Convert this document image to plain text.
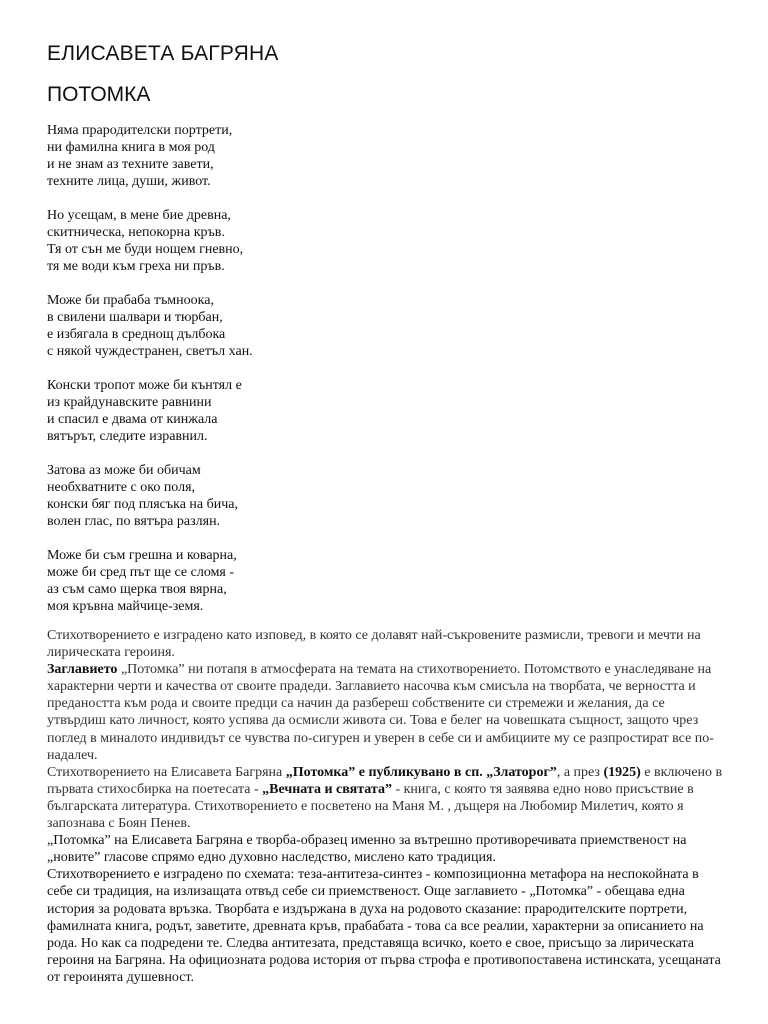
ЕЛИСАВЕТА БАГРЯНА
ПОТОМКА
Няма прародителски портрети,
ни фамилна книга в моя род
и не знам аз техните завети,
техните лица, души, живот.
Но усещам, в мене бие древна,
скитническа, непокорна кръв.
Тя от сън ме буди нощем гневно,
тя ме води към греха ни пръв.
Може би прабаба тъмноока,
в свилени шалвари и тюрбан,
е избягала в среднощ дълбока
с някой чуждестранен, светъл хан.
Конски тропот може би кънтял е
из крайдунавските равнини
и спасил е двама от кинжала
вятърът, следите изравнил.
Затова аз може би обичам
необхватните с око поля,
конски бяг под плясъка на бича,
волен глас, по вятъра разлян.
Може би съм грешна и коварна,
може би сред път ще се сломя -
аз съм само щерка твоя вярна,
моя кръвна майчице-земя.

Стихотворението е изградено като изповед, в която се долавят най-съкровените размисли, тревоги и мечти на лирическата героиня.

Заглавието „Потомка” ни потапя в атмосферата на темата на стихотворението. Потомството е унаследяване на характерни черти и качества от своите прадеди. Заглавието насочва към смисъла на творбата, че верността и предаността към рода и своите предци са начин да разбереш собствените си стремежи и желания, да се утвърдиш като личност, която успява да осмисли живота си. Това е белег на човешката същност, защото чрез поглед в миналото индивидът се чувства по-сигурен и уверен в себе си и амбициите му се разпростират все по-надалеч.

Стихотворението на Елисавета Багряна „Потомка” е публикувано в сп. „Златорог”, а през (1925) е включено в първата стихосбирка на поетесата - „Вечната и святата” - книга, с която тя заявява едно ново присъствие в българската литература. Стихотворението е посветено на Маня М. , дъщеря на Любомир Милетич, която я запознава с Боян Пенев.

„Потомка” на Елисавета Багряна е творба-образец именно за вътрешно противоречивата приемственост на „новите” гласове спрямо едно духовно наследство, мислено като традиция.

Стихотворението е изградено по схемата: теза-антитеза-синтез - композиционна метафора на неспокойната в себе си традиция, на излизащата отвъд себе си приемственост. Още заглавието - „Потомка” - обещава една история за родовата връзка. Творбата е издържана в духа на родовото сказание: прародителските портрети, фамилната книга, родът, заветите, древната кръв, прабабата - това са все реалии, характерни за описанието на рода. Но как са подредени те. Следва антитезата, представяща всичко, което е свое, присъщо за лирическата героиня на Багряна. На официозната родова история от първа строфа е противопоставена истинската, усещаната от героинята душевност.
